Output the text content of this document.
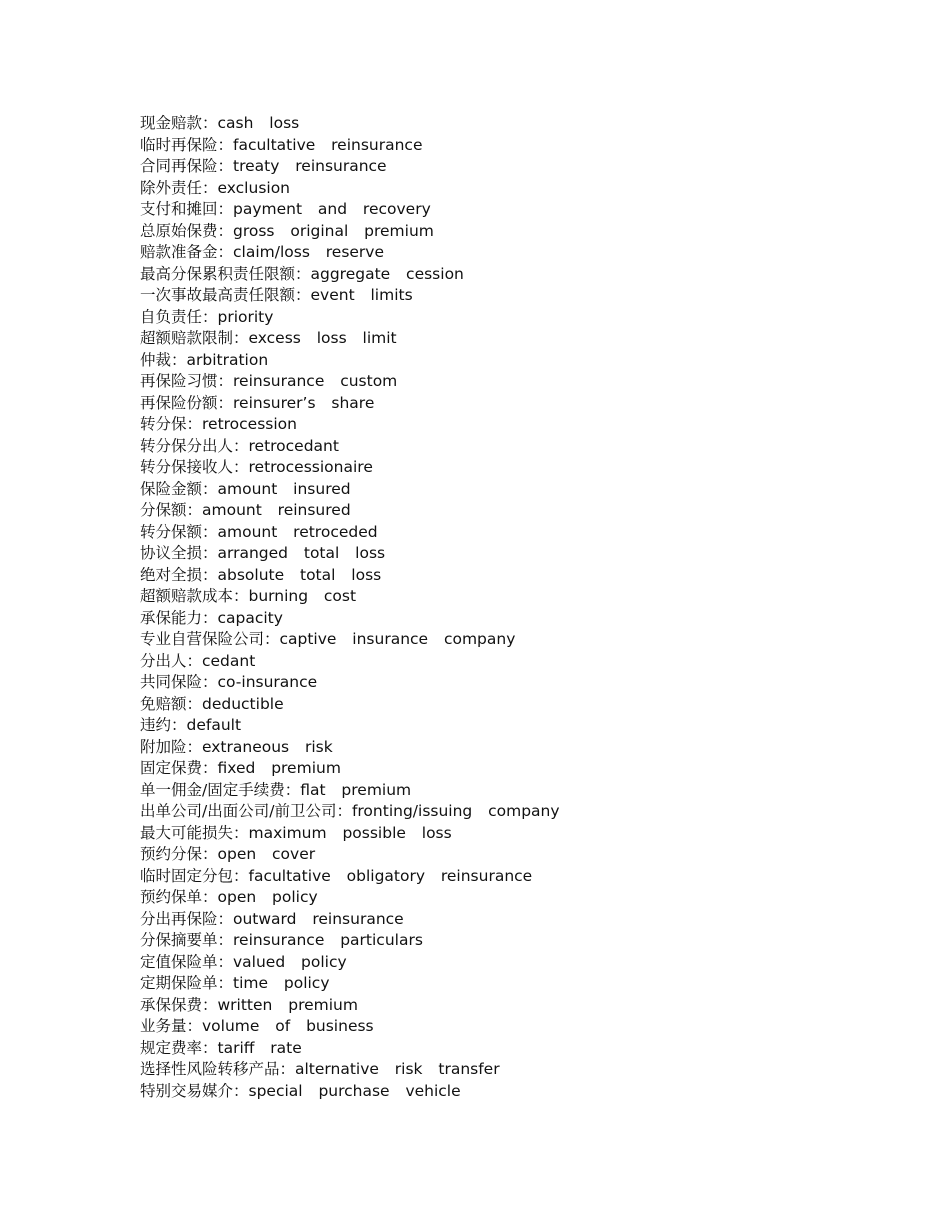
现金赔款：cash  loss
临时再保险：facultative  reinsurance
合同再保险：treaty  reinsurance
除外责任：exclusion
支付和摊回：payment  and  recovery
总原始保费：gross  original  premium
赔款准备金：claim/loss  reserve
最高分保累积责任限额：aggregate  cession
一次事故最高责任限额：event  limits
自负责任：priority
超额赔款限制：excess  loss  limit
仲裁：arbitration
再保险习惯：reinsurance  custom
再保险份额：reinsurer’s  share
转分保：retrocession
转分保分出人：retrocedant
转分保接收人：retrocessionaire
保险金额：amount  insured
分保额：amount  reinsured
转分保额：amount  retroceded
协议全损：arranged  total  loss
绝对全损：absolute  total  loss
超额赔款成本：burning  cost
承保能力：capacity
专业自营保险公司：captive  insurance  company
分出人：cedant
共同保险：co-insurance
免赔额：deductible
违约：default
附加险：extraneous  risk
固定保费：fixed  premium
单一佣金/固定手续费：flat  premium
出单公司/出面公司/前卫公司：fronting/issuing  company
最大可能损失：maximum  possible  loss
预约分保：open  cover
临时固定分包：facultative  obligatory  reinsurance
预约保单：open  policy
分出再保险：outward  reinsurance
分保摘要单：reinsurance  particulars
定值保险单：valued  policy
定期保险单：time  policy
承保保费：written  premium
业务量：volume  of  business
规定费率：tariff  rate
选择性风险转移产品：alternative  risk  transfer
特别交易媒介：special  purchase  vehicle
